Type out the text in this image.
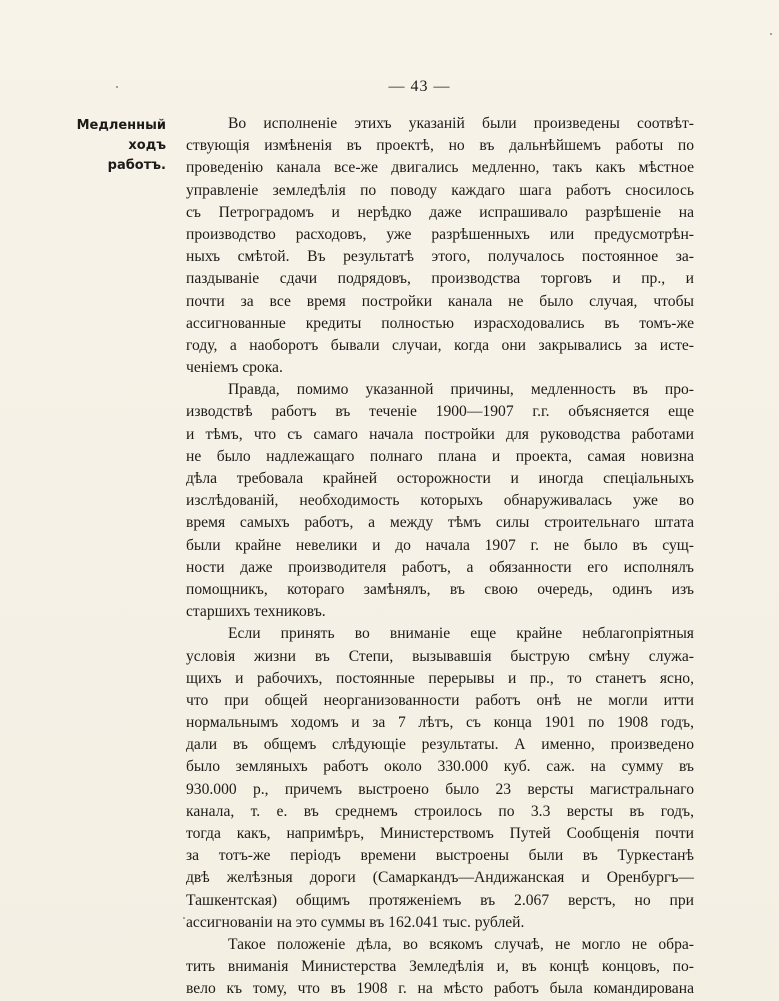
— 43 —
Медленный ходъ
работъ.
Во исполненіе этихъ указаній были произведены соотвѣт-
ствующія измѣненія въ проектѣ, но въ дальнѣйшемъ работы по
проведенію канала все-же двигались медленно, такъ какъ мѣстное
управленіе земледѣлія по поводу каждаго шага работъ сносилось
съ Петроградомъ и нерѣдко даже испрашивало разрѣшеніе на
производство расходовъ, уже разрѣшенныхъ или предусмотрѣн-
ныхъ смѣтой. Въ результатѣ этого, получалось постоянное за-
паздываніе сдачи подрядовъ, производства торговъ и пр., и
почти за все время постройки канала не было случая, чтобы
ассигнованные кредиты полностью израсходовались въ томъ-же
году, а наоборотъ бывали случаи, когда они закрывались за исте-
ченіемъ срока.
Правда, помимо указанной причины, медленность въ про-
изводствѣ работъ въ теченіе 1900—1907 г.г. объясняется еще
и тѣмъ, что съ самаго начала постройки для руководства работами
не было надлежащаго полнаго плана и проекта, самая новизна
дѣла требовала крайней осторожности и иногда спеціальныхъ
изслѣдованій, необходимость которыхъ обнаруживалась уже во
время самыхъ работъ, а между тѣмъ силы строительнаго штата
были крайне невелики и до начала 1907 г. не было въ сущ-
ности даже производителя работъ, а обязанности его исполнялъ
помощникъ, котораго замѣнялъ, въ свою очередь, одинъ изъ
старшихъ техниковъ.
Если принять во вниманіе еще крайне неблагопріятныя
условія жизни въ Степи, вызывавшія быструю смѣну служа-
щихъ и рабочихъ, постоянные перерывы и пр., то станетъ ясно,
что при общей неорганизованности работъ онѣ не могли итти
нормальнымъ ходомъ и за 7 лѣтъ, съ конца 1901 по 1908 годъ,
дали въ общемъ слѣдующіе результаты. А именно, произведено
было земляныхъ работъ около 330.000 куб. саж. на сумму въ
930.000 р., причемъ выстроено было 23 версты магистральнаго
канала, т. е. въ среднемъ строилось по 3.3 версты въ годъ,
тогда какъ, напримѣръ, Министерствомъ Путей Сообщенія почти
за тотъ-же періодъ времени выстроены были въ Туркестанѣ
двѣ желѣзныя дороги (Самаркандъ—Андижанская и Оренбургъ—
Ташкентская) общимъ протяженіемъ въ 2.067 верстъ, но при
ассигнованіи на это суммы въ 162.041 тыс. рублей.
Такое положеніе дѣла, во всякомъ случаѣ, не могло не обра-
тить вниманія Министерства Земледѣлія и, въ концѣ концовъ, по-
вело къ тому, что въ 1908 г. на мѣсто работъ была командирована
